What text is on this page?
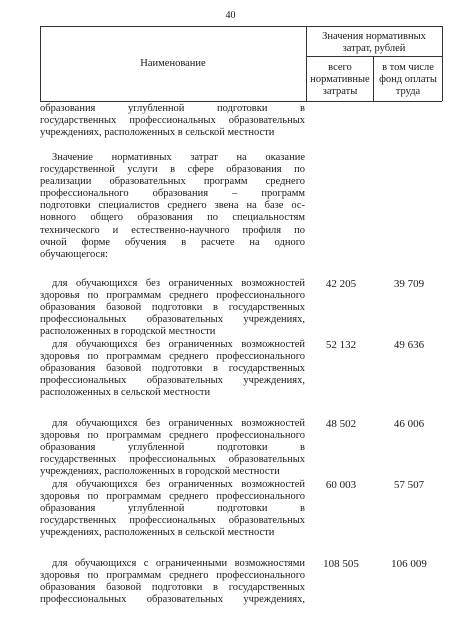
40
Наименование
Значения нормативных затрат, рублей
всего нормативные затраты
в том числе фонд оплаты труда
образования углубленной подготовки в
государственных профессиональных образовательных
учреждениях, расположенных в сельской местности
Значение нормативных затрат на оказание
государственной услуги в сфере образования по
реализации образовательных программ среднего
профессионального образования – программ
подготовки специалистов среднего звена на базе ос-
новного общего образования по специальностям
технического и естественно-научного профиля по
очной форме обучения в расчете на одного
обучающегося:
для обучающихся без ограниченных возможностей
здоровья по программам среднего профессионального
образования базовой подготовки в государственных
профессиональных образовательных учреждениях,
расположенных в городской местности
42 205	39 709
для обучающихся без ограниченных возможностей
здоровья по программам среднего профессионального
образования базовой подготовки в государственных
профессиональных образовательных учреждениях,
расположенных в сельской местности
52 132	49 636
для обучающихся без ограниченных возможностей
здоровья по программам среднего профессионального
образования углубленной подготовки в
государственных профессиональных образовательных
учреждениях, расположенных в городской местности
48 502	46 006
для обучающихся без ограниченных возможностей
здоровья по программам среднего профессионального
образования углубленной подготовки в
государственных профессиональных образовательных
учреждениях, расположенных в сельской местности
60 003	57 507
для обучающихся с ограниченными возможностями
здоровья по программам среднего профессионального
образования базовой подготовки в государственных
профессиональных образовательных учреждениях,
108 505	106 009
